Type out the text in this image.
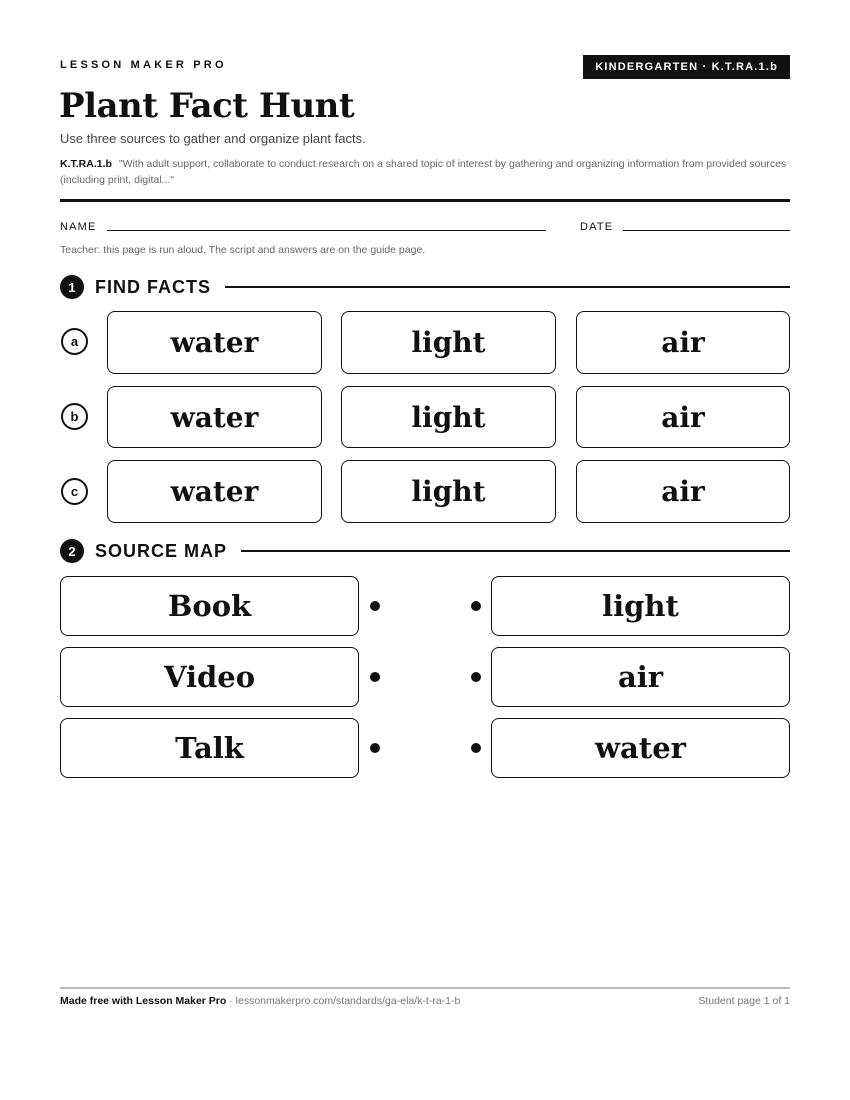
LESSON MAKER PRO	KINDERGARTEN · K.T.RA.1.b
Plant Fact Hunt
Use three sources to gather and organize plant facts.
K.T.RA.1.b "With adult support, collaborate to conduct research on a shared topic of interest by gathering and organizing information from provided sources (including print, digital..."
NAME	DATE
Teacher: this page is run aloud. The script and answers are on the guide page.
1	FIND FACTS
a	water	light	air
b	water	light	air
c	water	light	air
2	SOURCE MAP
Book	light
Video	air
Talk	water
Made free with Lesson Maker Pro · lessonmakerpro.com/standards/ga-ela/k-t-ra-1-b	Student page 1 of 1
